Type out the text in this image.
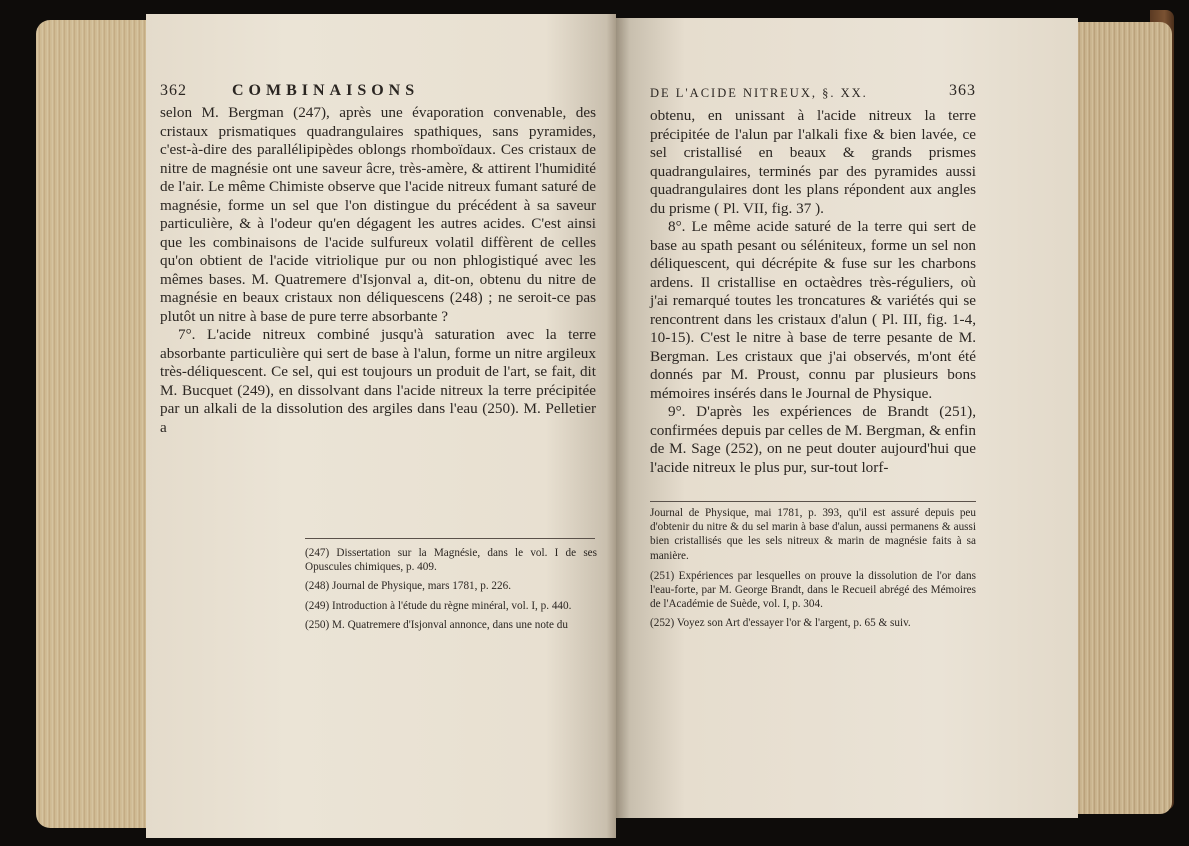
362	COMBINAISONS

selon M. Bergman (247), après une évaporation convenable, des cristaux prismatiques quadrangulaires spathiques, sans pyramides, c'est-à-dire des parallélipipèdes oblongs rhomboïdaux. Ces cristaux de nitre de magnésie ont une saveur âcre, très-amère, & attirent l'humidité de l'air. Le même Chimiste observe que l'acide nitreux fumant saturé de magnésie, forme un sel que l'on distingue du précédent à sa saveur particulière, & à l'odeur qu'en dégagent les autres acides. C'est ainsi que les combinaisons de l'acide sulfureux volatil diffèrent de celles qu'on obtient de l'acide vitriolique pur ou non phlogistiqué avec les mêmes bases. M. Quatremere d'Isjonval a, dit-on, obtenu du nitre de magnésie en beaux cristaux non déliquescens (248) ; ne seroit-ce pas plutôt un nitre à base de pure terre absorbante ?

7°. L'acide nitreux combiné jusqu'à saturation avec la terre absorbante particulière qui sert de base à l'alun, forme un nitre argileux très-déliquescent. Ce sel, qui est toujours un produit de l'art, se fait, dit M. Bucquet (249), en dissolvant dans l'acide nitreux la terre précipitée par un alkali de la dissolution des argiles dans l'eau (250). M. Pelletier a

(247) Dissertation sur la Magnésie, dans le vol. I de ses Opuscules chimiques, p. 409.

(248) Journal de Physique, mars 1781, p. 226.

(249) Introduction à l'étude du règne minéral, vol. I, p. 440.

(250) M. Quatremere d'Isjonval annonce, dans une note du

DE L'ACIDE NITREUX, §. XX.	363

obtenu, en unissant à l'acide nitreux la terre précipitée de l'alun par l'alkali fixe & bien lavée, ce sel cristallisé en beaux & grands prismes quadrangulaires, terminés par des pyramides aussi quadrangulaires dont les plans répondent aux angles du prisme ( Pl. VII, fig. 37 ).

8°. Le même acide saturé de la terre qui sert de base au spath pesant ou séléniteux, forme un sel non déliquescent, qui décrépite & fuse sur les charbons ardens. Il cristallise en octaèdres très-réguliers, où j'ai remarqué toutes les troncatures & variétés qui se rencontrent dans les cristaux d'alun ( Pl. III, fig. 1-4, 10-15). C'est le nitre à base de terre pesante de M. Bergman. Les cristaux que j'ai observés, m'ont été donnés par M. Proust, connu par plusieurs bons mémoires insérés dans le Journal de Physique.

9°. D'après les expériences de Brandt (251), confirmées depuis par celles de M. Bergman, & enfin de M. Sage (252), on ne peut douter aujourd'hui que l'acide nitreux le plus pur, sur-tout lorf-

Journal de Physique, mai 1781, p. 393, qu'il est assuré depuis peu d'obtenir du nitre & du sel marin à base d'alun, aussi permanens & aussi bien cristallisés que les sels nitreux & marin de magnésie faits à sa manière.

(251) Expériences par lesquelles on prouve la dissolution de l'or dans l'eau-forte, par M. George Brandt, dans le Recueil abrégé des Mémoires de l'Académie de Suède, vol. I, p. 304.

(252) Voyez son Art d'essayer l'or & l'argent, p. 65 & suiv.
